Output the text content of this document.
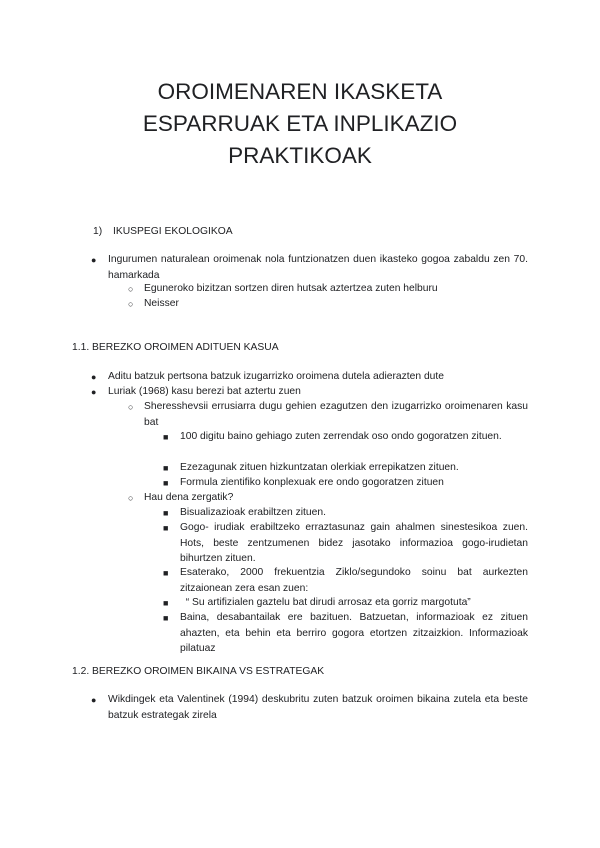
OROIMENAREN IKASKETA
ESPARRUAK ETA INPLIKAZIO
PRAKTIKOAK
1) IKUSPEGI EKOLOGIKOA
● Ingurumen naturalean oroimenak nola funtzionatzen duen ikasteko gogoa zabaldu zen 70. hamarkada

○ Eguneroko bizitzan sortzen diren hutsak aztertzea zuten helburu

○ Neisser

1.1. BEREZKO OROIMEN ADITUEN KASUA
● Aditu batzuk pertsona batzuk izugarrizko oroimena dutela adierazten dute

● Luriak (1968) kasu berezi bat aztertu zuen

○ Sheresshevsii errusiarra dugu gehien ezagutzen den izugarrizko oroimenaren kasu bat

■ 100 digitu baino gehiago zuten zerrendak oso ondo gogoratzen zituen.

■ Ezezagunak zituen hizkuntzatan olerkiak errepikatzen zituen.

■ Formula zientifiko konplexuak ere ondo gogoratzen zituen

○ Hau dena zergatik?

■ Bisualizazioak erabiltzen zituen.

■ Gogo- irudiak erabiltzeko erraztasunaz gain ahalmen sinestesikoa zuen. Hots, beste zentzumenen bidez jasotako informazioa gogo-irudietan bihurtzen zituen.

■ Esaterako, 2000 frekuentzia Ziklo/segundoko soinu bat aurkezten zitzaionean zera esan zuen:

■ “ Su artifizialen gaztelu bat dirudi arrosaz eta gorriz margotuta”

■ Baina, desabantailak ere bazituen. Batzuetan, informazioak ez zituen ahazten, eta behin eta berriro gogora etortzen zitzaizkion. Informazioak pilatuaz

1.2. BEREZKO OROIMEN BIKAINA VS ESTRATEGAK
● Wikdingek eta Valentinek (1994) deskubritu zuten batzuk oroimen bikaina zutela eta beste batzuk estrategak zirela
